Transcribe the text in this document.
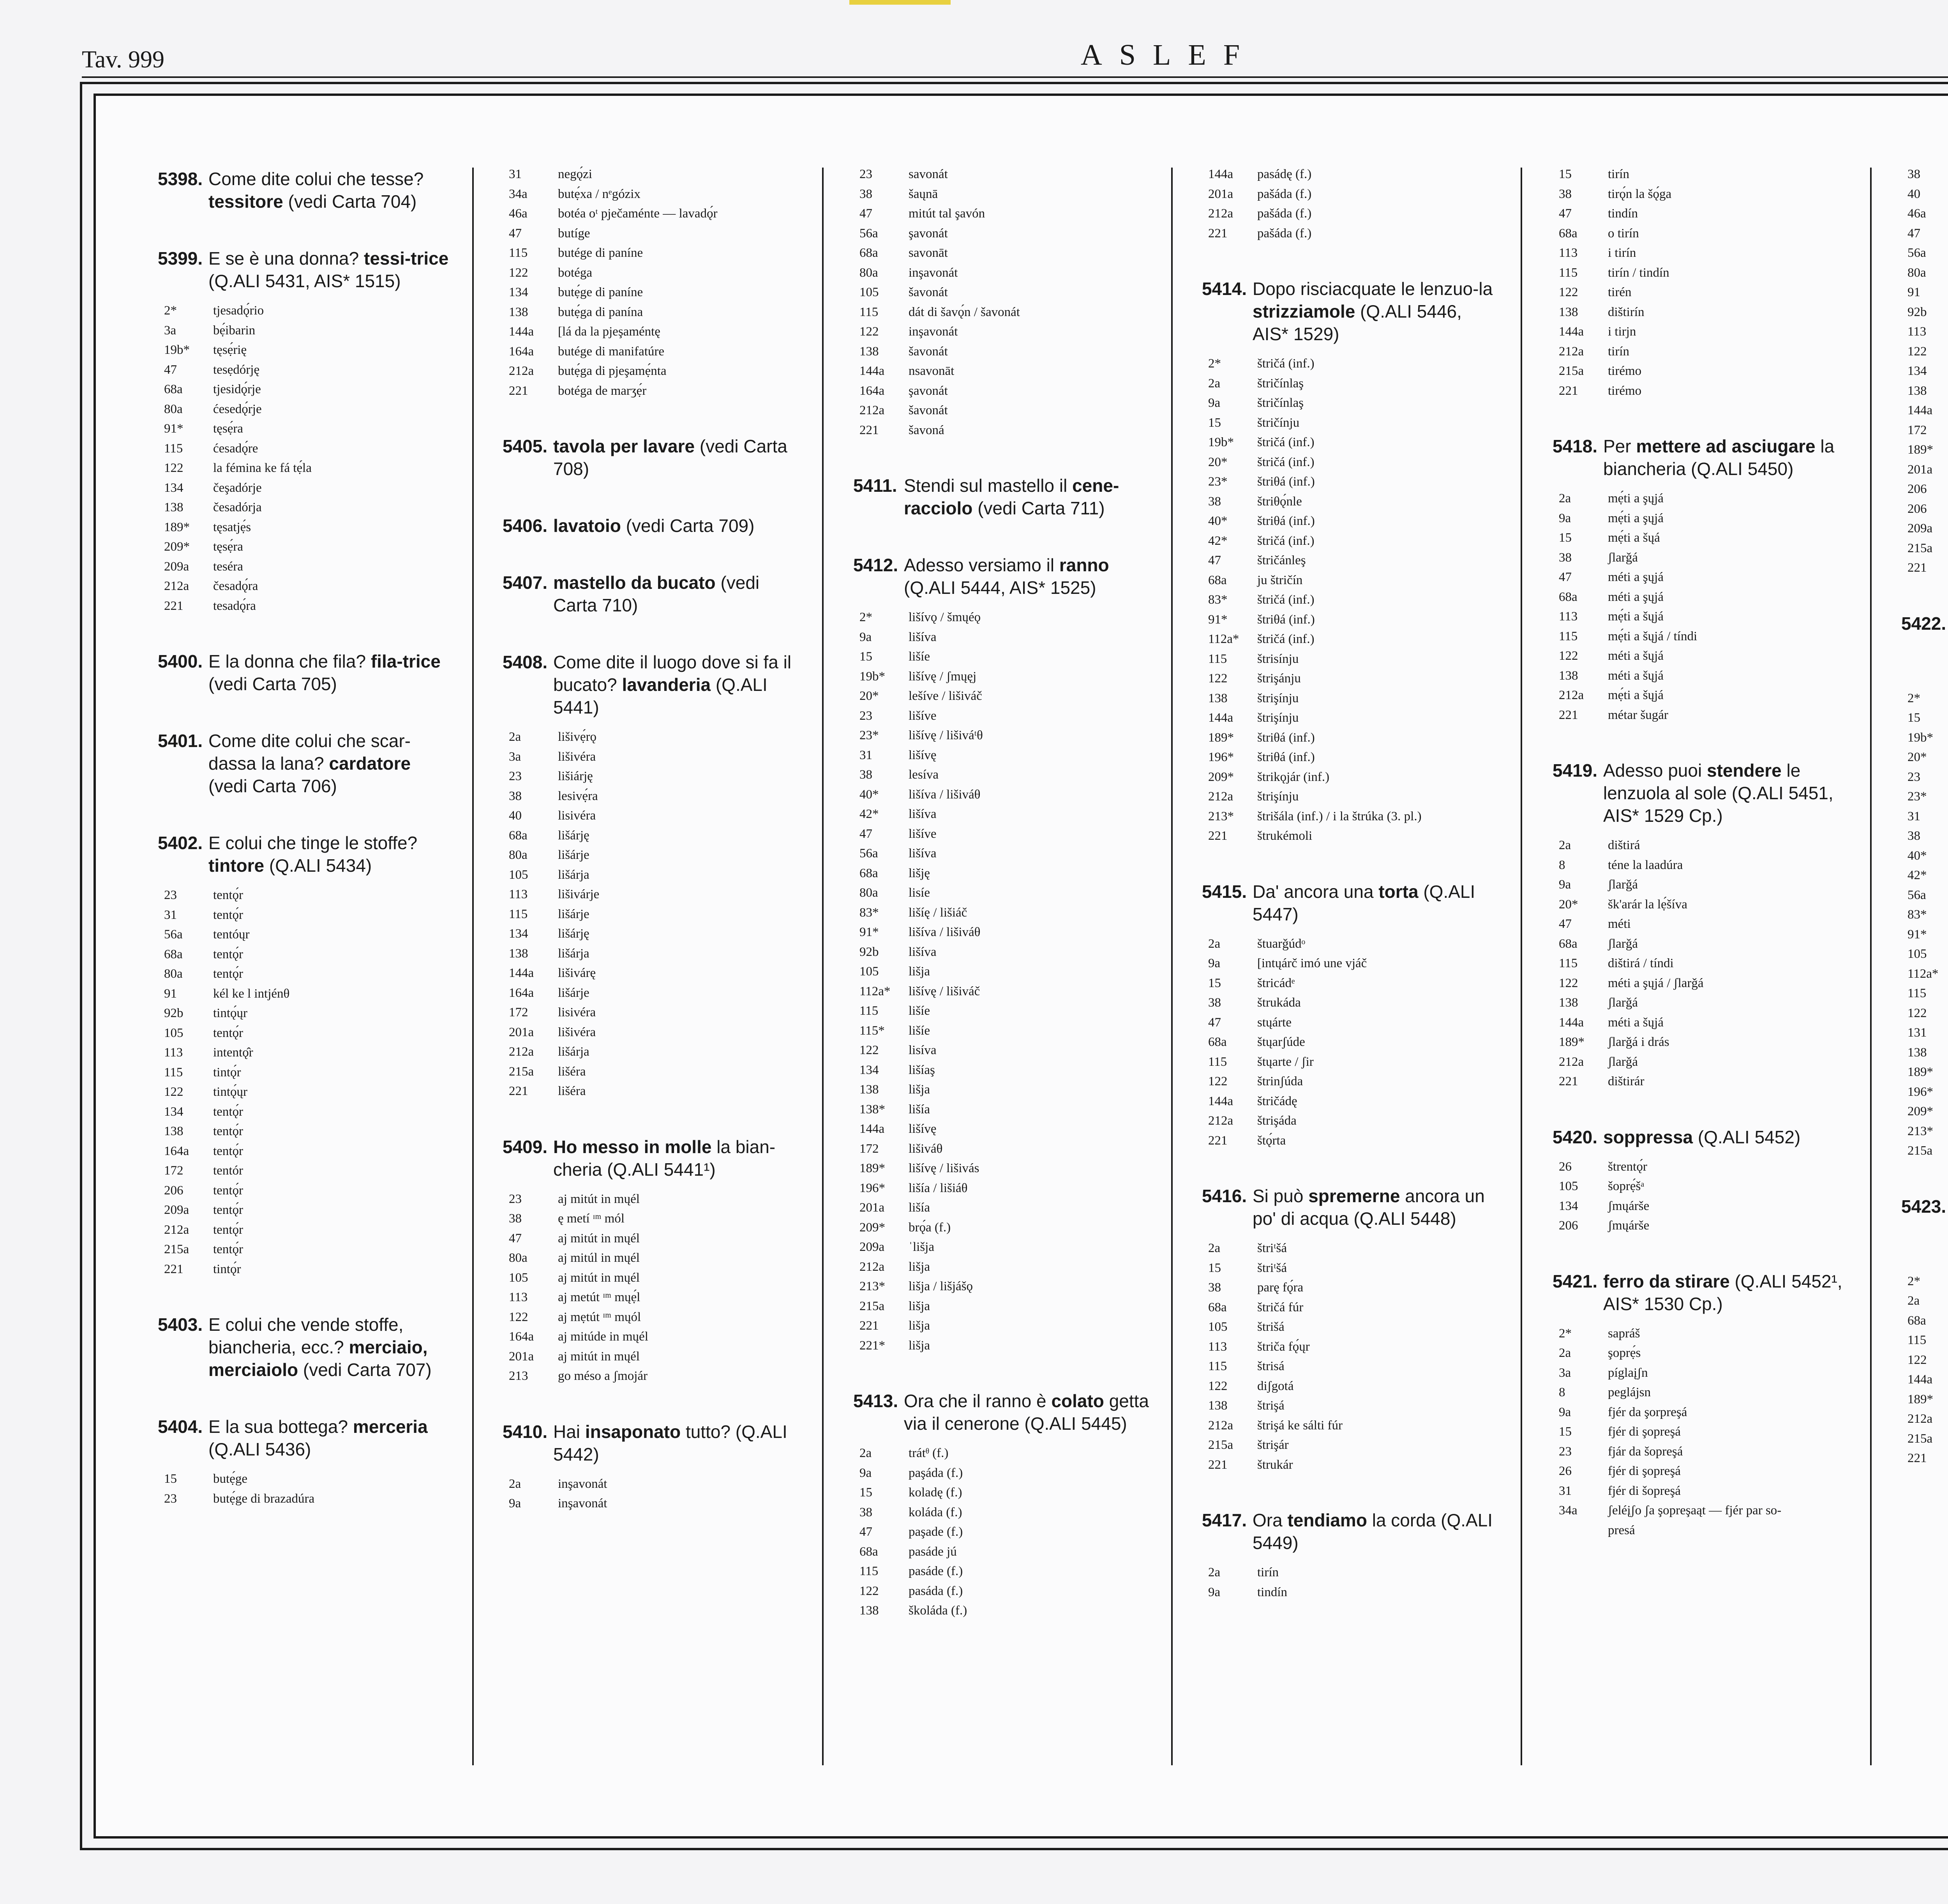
Tav. 999	ASLEF
5398. Come dite colui che tesse? tessitore (vedi Carta 704)
5399. E se è una donna? tessi-trice (Q.ALI 5431, AIS* 1515)
2*	tjesadǫ́rio
3a	bẹ́ibarin
19b*	tęsẹ́rię
47	tesẹdórję
68a	tjesidǫ́rje
80a	ćesedǫ́rje
91*	tęsẹ́ra
115	ćesadǫ́re
122	la fémina ke fá tẹ́la
134	čeşadórje
138	česadórja
189*	tęsatjẹ́s
209*	tęsẹ́ra
209a	teséra
212a	česadǫ́ra
221	tesadǫ́ra
5400. E la donna che fila? fila-trice (vedi Carta 705)
5401. Come dite colui che scar-dassa la lana? cardatore (vedi Carta 706)
5402. E colui che tinge le stoffe? tintore (Q.ALI 5434)
23	tentǫ́r
31	tentǫ́r
56a	tentóųr
68a	tentǫ́r
80a	tentǫ́r
91	kél ke l intjénθ
92b	tintǫ́ųr
105	tentǫ́r
113	intentǫ̂r
115	tintǫ́r
122	tintǫ́ųr
134	tentǫ́r
138	tentǫ́r
164a	tentǫ́r
172	tentór
206	tentǫ́r
209a	tentǫ́r
212a	tentǫ́r
215a	tentǫ́r
221	tintǫ́r
5403. E colui che vende stoffe, biancheria, ecc.? merciaio, merciaiolo (vedi Carta 707)
5404. E la sua bottega? merceria (Q.ALI 5436)
15	butẹ́ge
23	butẹ́ge di brazadúra
31	negǫ́zi
34a	butẹ́xa / nᵉgózix
46a	botéa oᵗ pječaménte — lavadǫ́r
47	butíge
115	butége di paníne
122	botéga
134	butẹ́ge di paníne
138	butẹ́ga di panína
144a	[lá da la pjeşaméntę
164a	butége di manifatúre
212a	butẹ́ga di pjeşamẹ́nta
221	botéga de marʒẹ́r
5405. tavola per lavare (vedi Carta 708)
5406. lavatoio (vedi Carta 709)
5407. mastello da bucato (vedi Carta 710)
5408. Come dite il luogo dove si fa il bucato? lavanderia (Q.ALI 5441)
2a	lišivẹ́rǫ
3a	lišivéra
23	lišiárję
38	lesivẹ́ra
40	lisivéra
68a	lišárję
80a	lišárje
105	lišárja
113	lišivárje
115	lišárje
134	lišárję
138	lišárja
144a	lišivárę
164a	lišárje
172	lisivéra
201a	lišivéra
212a	lišárja
215a	lišéra
221	lišéra
5409. Ho messo in molle la bian-cheria (Q.ALI 5441¹)
23	aj mitút in mųél
38	ę metí ᶦᵐ mól
47	aj mitút in mųél
80a	aj mitúl in mųél
105	aj mitút in mųél
113	aj metút ᶦᵐ mųẹ́l
122	aj mẹtút ᶦᵐ mųól
164a	aj mitúde in mųél
201a	aj mitút in mųél
213	go méso a ʃmojár
5410. Hai insaponato tutto? (Q.ALI 5442)
2a	inşavonát
9a	inşavonát
23	savonát
38	šaųnā
47	mitút tal şavón
56a	şavonát
68a	savonāt
80a	inşavonát
105	šavonát
115	dát di šavǫ́n / šavonát
122	inşavonát
138	šavonát
144a	nsavonāt
164a	şavonát
212a	šavonát
221	šavoná
5411. Stendi sul mastello il cene-racciolo (vedi Carta 711)
5412. Adesso versiamo il ranno (Q.ALI 5444, AIS* 1525)
2*	lišívǫ / šmųéǫ
9a	lišíva
15	lišíe
19b*	lišívę / ʃmųęj
20*	lešíve / lišiváč
23	lišíve
23*	lišívę / lišiváᵗθ
31	lišívę
38	lesíva
40*	lišíva / lišiváθ
42*	lišíva
47	lišíve
56a	lišíva
68a	lišję
80a	lisíe
83*	lišíę / lišiáč
91*	lišíva / lišiváθ
92b	lišíva
105	lišja
112a*	lišívę / lišiváč
115	lišíe
115*	lišíe
122	lisíva
134	lišíaş
138	lišja
138*	lišía
144a	lišívę
172	lišiváθ
189*	lišívę / lišivás
196*	lišía / lišiáθ
201a	lišía
209*	brǫ́a (f.)
209a	ˈlišja
212a	lišja
213*	lišja / lišjášǫ
215a	lišja
221	lišja
221*	lišja
5413. Ora che il ranno è colato getta via il cenerone (Q.ALI 5445)
2a	trátᶿ (f.)
9a	paşáda (f.)
15	koladę (f.)
38	koláda (f.)
47	paşade (f.)
68a	pasáde jú
115	pasáde (f.)
122	pasáda (f.)
138	školáda (f.)
144a	pasádę (f.)
201a	pašáda (f.)
212a	pašáda (f.)
221	pašáda (f.)
5414. Dopo risciacquate le lenzuo-la strizziamole (Q.ALI 5446, AIS* 1529)
2*	štričá (inf.)
2a	štričínlaş
9a	štričínlaş
15	štričínju
19b*	štričá (inf.)
20*	štričá (inf.)
23*	štriθá (inf.)
38	štriθǫ́nle
40*	štriθá (inf.)
42*	štričá (inf.)
47	štričánleş
68a	ju štričín
83*	štričá (inf.)
91*	štriθá (inf.)
112a*	štričá (inf.)
115	štrisínju
122	štrişánju
138	štrişínju
144a	štrişínju
189*	štriθá (inf.)
196*	štriθá (inf.)
209*	štrikǫjár (inf.)
212a	štrişínju
213*	štrišála (inf.) / i la štrúka (3. pl.)
221	štrukémoli
5415. Da' ancora una torta (Q.ALI 5447)
2a	štuarǧúdᵒ
9a	[intųárč imó une vjáč
15	štricádᵉ
38	štrukáda
47	stųárte
68a	štųarʃúde
115	štųarte / ʃir
122	štrinʃúda
144a	štričádę
212a	štrişáda
221	štǫ́rta
5416. Si può spremerne ancora un po' di acqua (Q.ALI 5448)
2a	štriᵗšá
15	štriᵗšá
38	parę fǫ́ra
68a	štričá fúr
105	štrišá
113	štriča fǫ́ųr
115	štrisá
122	diʃgotá
138	štrişá
212a	štrişá ke sálti fúr
215a	štrişár
221	štrukár
5417. Ora tendiamo la corda (Q.ALI 5449)
2a	tirín
9a	tindín
15	tirín
38	tirǫ́n la šǫ́ga
47	tindín
68a	o tirín
113	i tirín
115	tirín / tindín
122	tirén
138	dištirín
144a	i tirjn
212a	tirín
215a	tirémo
221	tirémo
5418. Per mettere ad asciugare la biancheria (Q.ALI 5450)
2a	mẹ́ti a şųjá
9a	mẹ́ti a şųjá
15	mẹ́ti a šųá
38	ʃlarǧá
47	méti a şųjá
68a	méti a şųjá
113	mẹ́ti a šųjá
115	mẹ́ti a šųjá / tíndi
122	méti a šųjá
138	méti a šųjá
212a	mẹ́ti a šųjá
221	métar šugár
5419. Adesso puoi stendere le lenzuola al sole (Q.ALI 5451, AIS* 1529 Cp.)
2a	dištirá
8	téne la laadúra
9a	ʃlarǧá
20*	šk'arár la lẹ́šíva
47	méti
68a	ʃlarǧá
115	dištirá / tíndi
122	méti a şųjá / ʃlarǧá
138	ʃlarǧá
144a	méti a šųjá
189*	ʃlarǧá i drás
212a	ʃlarǧá
221	dištirár
5420. soppressa (Q.ALI 5452)
26	štrentǫ́r
105	šoprẹ́šᵃ
134	ʃmųárše
206	ʃmųárše
5421. ferro da stirare (Q.ALI 5452¹, AIS* 1530 Cp.)
2*	sapráš
2a	şoprẹ́s
3a	píglaįʃn
8	peglájsn
9a	fjér da şorpreşá
15	fjér di şopreşá
23	fjár da šopreşá
26	fjér di şopreşá
31	fjér di šopreşá
34a	ʃeléįʃo ʃa şopreşaąt — fjér par so-
presá
38
40
46a
47
56a
80a
91
92b
113
122
134
138
144a
172
189*
201a
206
206
209a
215a
221
5422.
2*
15
19b*
20*
23
23*
31
38
40*
42*
56a
83*
91*
105
112a*
115
122
131
138
189*
196*
209*
213*
215a
5423.
2*
2a
68a
115
122
144a
189*
212a
215a
221
